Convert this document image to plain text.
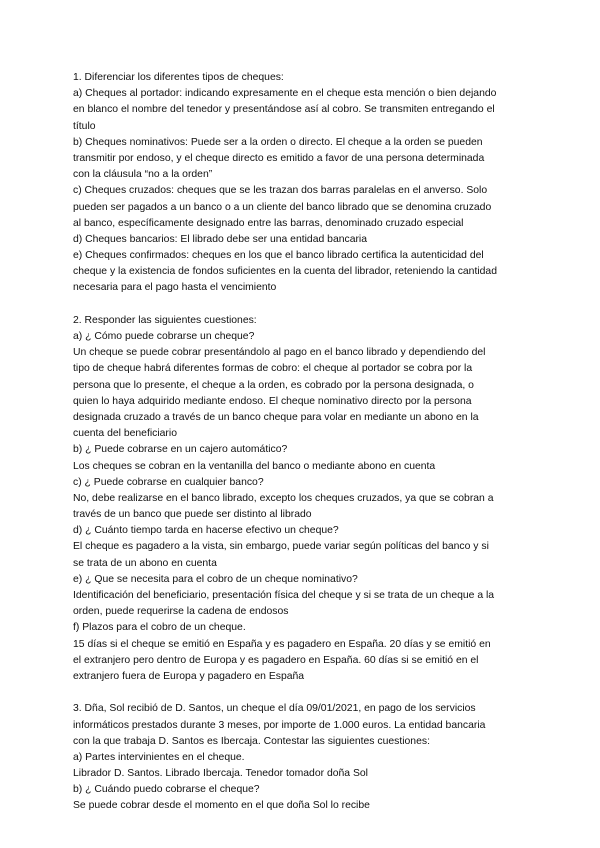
1. Diferenciar los diferentes tipos de cheques:
a) Cheques al portador: indicando expresamente en el cheque esta mención o bien dejando
en blanco el nombre del tenedor y presentándose así al cobro. Se transmiten entregando el
título
b) Cheques nominativos: Puede ser a la orden o directo. El cheque a la orden se pueden
transmitir por endoso, y el cheque directo es emitido a favor de una persona determinada
con la cláusula “no a la orden”
c) Cheques cruzados: cheques que se les trazan dos barras paralelas en el anverso. Solo
pueden ser pagados a un banco o a un cliente del banco librado que se denomina cruzado
al banco, específicamente designado entre las barras, denominado cruzado especial
d) Cheques bancarios: El librado debe ser una entidad bancaria
e) Cheques confirmados: cheques en los que el banco librado certifica la autenticidad del
cheque y la existencia de fondos suficientes en la cuenta del librador, reteniendo la cantidad
necesaria para el pago hasta el vencimiento
2. Responder las siguientes cuestiones:
a) ¿ Cómo puede cobrarse un cheque?
Un cheque se puede cobrar presentándolo al pago en el banco librado y dependiendo del
tipo de cheque habrá diferentes formas de cobro: el cheque al portador se cobra por la
persona que lo presente, el cheque a la orden, es cobrado por la persona designada, o
quien lo haya adquirido mediante endoso. El cheque nominativo directo por la persona
designada cruzado a través de un banco cheque para volar en mediante un abono en la
cuenta del beneficiario
b) ¿ Puede cobrarse en un cajero automático?
Los cheques se cobran en la ventanilla del banco o mediante abono en cuenta
c) ¿ Puede cobrarse en cualquier banco?
No, debe realizarse en el banco librado, excepto los cheques cruzados, ya que se cobran a
través de un banco que puede ser distinto al librado
d) ¿ Cuánto tiempo tarda en hacerse efectivo un cheque?
El cheque es pagadero a la vista, sin embargo, puede variar según políticas del banco y si
se trata de un abono en cuenta
e) ¿ Que se necesita para el cobro de un cheque nominativo?
Identificación del beneficiario, presentación física del cheque y si se trata de un cheque a la
orden, puede requerirse la cadena de endosos
f) Plazos para el cobro de un cheque.
15 días si el cheque se emitió en España y es pagadero en España. 20 días y se emitió en
el extranjero pero dentro de Europa y es pagadero en España. 60 días si se emitió en el
extranjero fuera de Europa y pagadero en España
3. Dña, Sol recibió de D. Santos, un cheque el día 09/01/2021, en pago de los servicios
informáticos prestados durante 3 meses, por importe de 1.000 euros. La entidad bancaria
con la que trabaja D. Santos es Ibercaja. Contestar las siguientes cuestiones:
a) Partes intervinientes en el cheque.
Librador D. Santos. Librado Ibercaja. Tenedor tomador doña Sol
b) ¿ Cuándo puedo cobrarse el cheque?
Se puede cobrar desde el momento en el que doña Sol lo recibe
